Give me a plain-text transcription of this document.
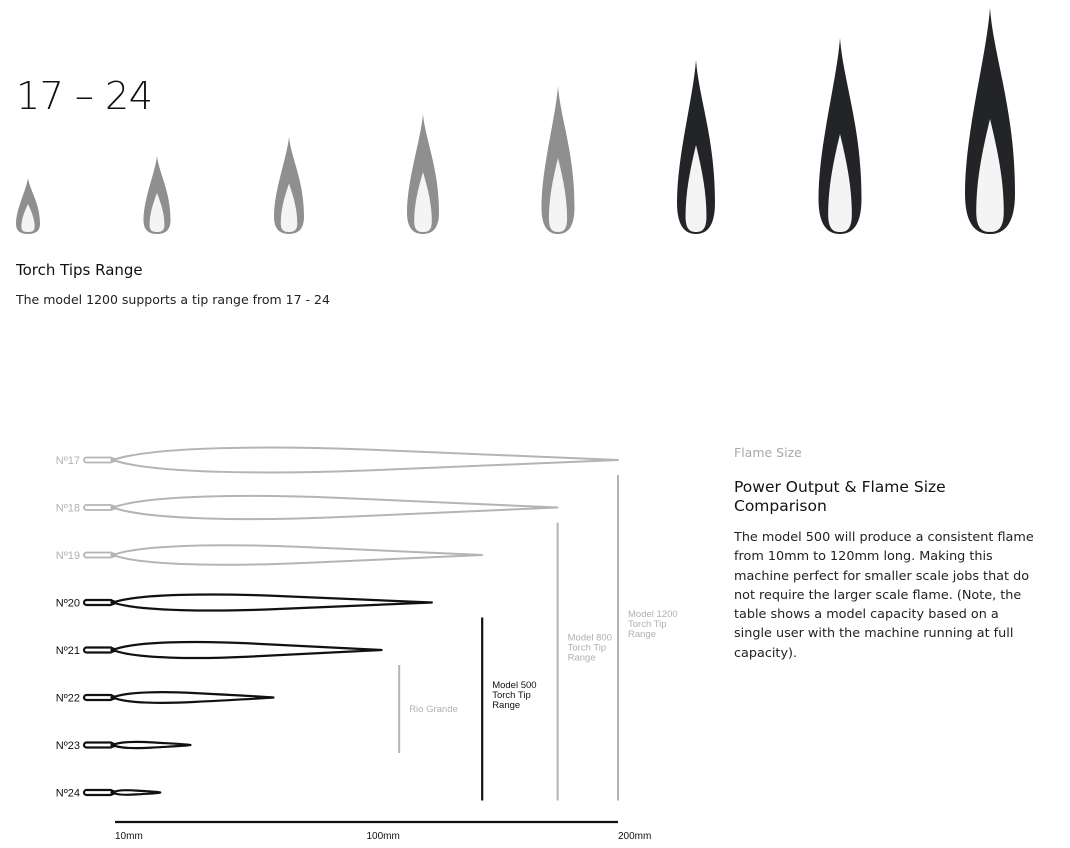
17 – 24
Torch Tips Range

The model 1200 supports a tip range from 17 - 24

Nº17
Nº18
Nº19
Nº20
Nº21
Nº22
Nº23
Nº24
Rio Grande
Model 500 Torch Tip Range
Model 800 Torch Tip Range
Model 1200 Torch Tip Range
10mm	100mm	200mm

Flame Size

Power Output & Flame Size Comparison

The model 500 will produce a consistent flame from 10mm to 120mm long. Making this machine perfect for smaller scale jobs that do not require the larger scale flame. (Note, the table shows a model capacity based on a single user with the machine running at full capacity).
